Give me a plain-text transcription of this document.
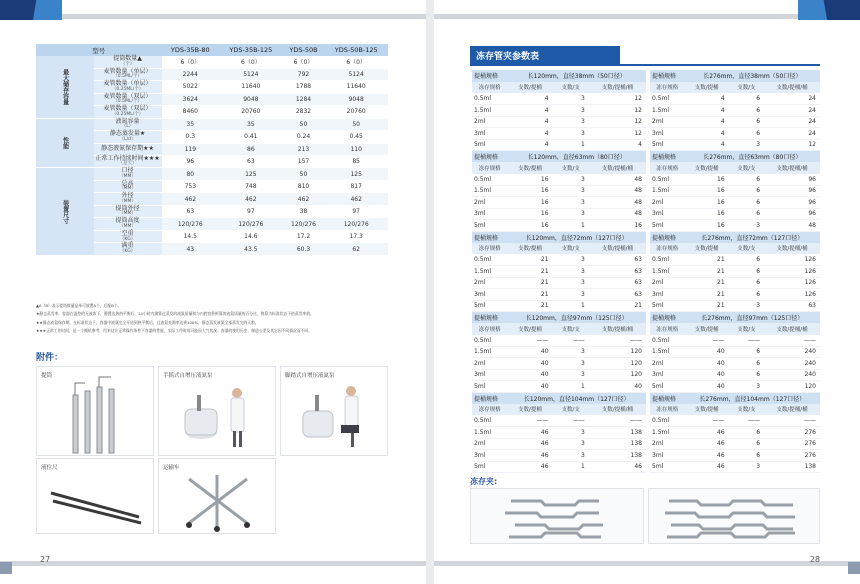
27
型号		YDS-35B-80	YDS-35B-125	YDS-50B	YDS-50B-125
最大储存容量	提筒数量▲
（个）	6（0）	6（0）	6（0）	6（0）
	麦管数量（单层）
（0.5ML/个）	2244	5124	792	5124
	麦管数量（单层）
（0.25ML/个）	5022	11640	1788	11640
	麦管数量（双层）
（0.5ML/个）	3624	9048	1284	9048
	麦管数量（双层）
（0.25ML/个）	8460	20760	2832	20760
性能	液氮容量
（L）	35	35	50	50
	静态蒸发量★
（L/d）	0.3	0.41	0.24	0.45
	静态液氮保存期★★	119	86	213	110
	正常工作持续时间★★★
（是天）	96	63	157	85
装置尺寸	口径
（MM）	80	125	50	125
	总高
（MM）	753	748	810	817
	外径
（MM）	462	462	462	462
	提筒外径
（MM）	63	97	38	97
	提筒高度
（MM）	120/276	120/276	120/276	120/276
	空重
（KG）	14.5	14.6	17.2	17.3
	满重
（KG）	43	43.5	60.3	62
▲A（B）表示提筒数量是单可放置A个，后配B个。
★静态蒸发率，容器在温控的无液体下，静置达热热平衡后，24小时内测算过蒸发的液氮质量和与内腔容积折算的液氮质量的百分比，换算为标准状态下的蒸发率值。
★★静态液氮保存期，在标准状态下，容器中液氮完全开始到热平衡后，且液氮充满率达到100%，静态蒸发液氮全部蒸发完的天数。
★★★正常工作时间，是一个概机参考，用来估计正常操作条件下容器的性能，实际工作时间可能因大气状况、容器的使用历史、制造公差及其它因不同情况而不同。
附件：
提筒	手摇式自增压液氮泵	脚踏式自增压液氮泵
液位尺	运输车
28
冻存管夹参数表
提桶规格	长120mm，直径38mm（50口径）		
冻存规格	支数/提桶	支数/支	支数/提桶/桶
0.5ml	4	3	12
1.5ml	4	3	12
2ml	4	3	12
3ml	4	3	12
5ml	4	1	4
提桶规格	长120mm，直径63mm（80口径）		
冻存规格	支数/提桶	支数/支	支数/提桶/桶
0.5ml	16	3	48
1.5ml	16	3	48
2ml	16	3	48
3ml	16	3	48
5ml	16	1	16
提桶规格	长120mm，直径72mm（127口径）		
冻存规格	支数/提桶	支数/支	支数/提桶/桶
0.5ml	21	3	63
1.5ml	21	3	63
2ml	21	3	63
3ml	21	3	63
5ml	21	1	21
提桶规格	长120mm，直径97mm（125口径）		
冻存规格	支数/提桶	支数/支	支数/提桶/桶
0.5ml	——	——	——
1.5ml	40	3	120
2ml	40	3	120
3ml	40	3	120
5ml	40	1	40
提桶规格	长120mm，直径104mm（127口径）		
冻存规格	支数/提桶	支数/支	支数/提桶/桶
0.5ml	——	——	——
1.5ml	46	3	138
2ml	46	3	138
3ml	46	3	138
5ml	46	1	46
提桶规格	长276mm，直径38mm（50口径）		
冻存规格	支数/提桶	支数/支	支数/提桶/桶
0.5ml	4	6	24
1.5ml	4	6	24
2ml	4	6	24
3ml	4	6	24
5ml	4	3	12
提桶规格	长276mm，直径63mm（80口径）		
冻存规格	支数/提桶	支数/支	支数/提桶/桶
0.5ml	16	6	96
1.5ml	16	6	96
2ml	16	6	96
3ml	16	6	96
5ml	16	3	48
提桶规格	长276mm，直径72mm（127口径）		
冻存规格	支数/提桶	支数/支	支数/提桶/桶
0.5ml	21	6	126
1.5ml	21	6	126
2ml	21	6	126
3ml	21	6	126
5ml	21	3	63
提桶规格	长276mm，直径97mm（125口径）		
冻存规格	支数/提桶	支数/支	支数/提桶/桶
0.5ml	——	——	——
1.5ml	40	6	240
2ml	40	6	240
3ml	40	6	240
5ml	40	3	120
提桶规格	长276mm，直径104mm（127口径）		
冻存规格	支数/提桶	支数/支	支数/提桶/桶
0.5ml	——	——	——
1.5ml	46	6	276
2ml	46	6	276
3ml	46	6	276
5ml	46	3	138
冻存夹:
